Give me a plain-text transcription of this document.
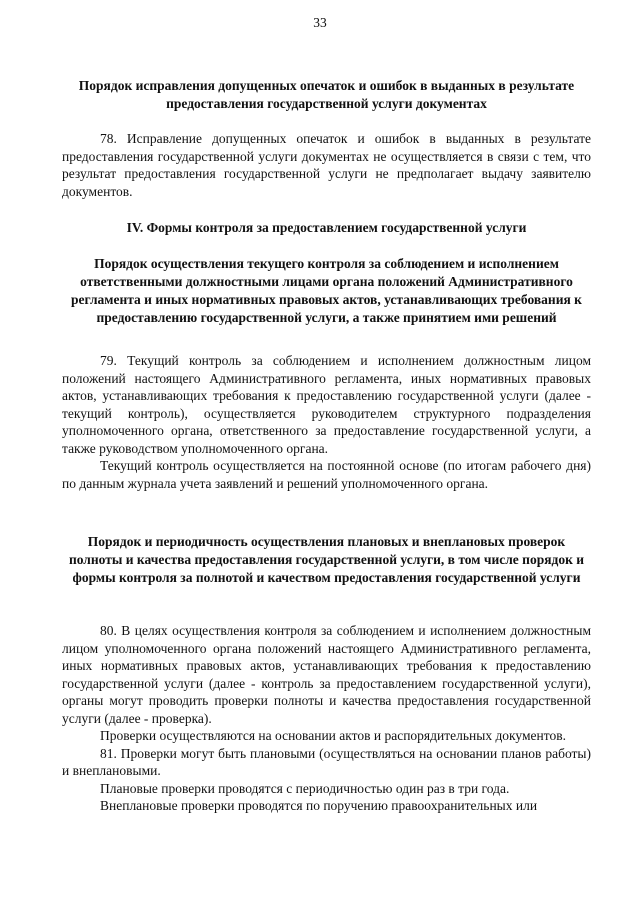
33

Порядок исправления допущенных опечаток и ошибок в выданных в результате предоставления государственной услуги документах

78. Исправление допущенных опечаток и ошибок в выданных в результате предоставления государственной услуги документах не осуществляется в связи с тем, что результат предоставления государственной услуги не предполагает выдачу заявителю документов.

IV. Формы контроля за предоставлением государственной услуги

Порядок осуществления текущего контроля за соблюдением и исполнением ответственными должностными лицами органа положений Административного регламента и иных нормативных правовых актов, устанавливающих требования к предоставлению государственной услуги, а также принятием ими решений

79. Текущий контроль за соблюдением и исполнением должностным лицом положений настоящего Административного регламента, иных нормативных правовых актов, устанавливающих требования к предоставлению государственной услуги (далее - текущий контроль), осуществляется руководителем структурного подразделения уполномоченного органа, ответственного за предоставление государственной услуги, а также руководством уполномоченного органа.

Текущий контроль осуществляется на постоянной основе (по итогам рабочего дня) по данным журнала учета заявлений и решений уполномоченного органа.

Порядок и периодичность осуществления плановых и внеплановых проверок полноты и качества предоставления государственной услуги, в том числе порядок и формы контроля за полнотой и качеством предоставления государственной услуги

80. В целях осуществления контроля за соблюдением и исполнением должностным лицом уполномоченного органа положений настоящего Административного регламента, иных нормативных правовых актов, устанавливающих требования к предоставлению государственной услуги (далее - контроль за предоставлением государственной услуги), органы могут проводить проверки полноты и качества предоставления государственной услуги (далее - проверка).

Проверки осуществляются на основании актов и распорядительных документов.

81. Проверки могут быть плановыми (осуществляться на основании планов работы) и внеплановыми.

Плановые проверки проводятся с периодичностью один раз в три года.

Внеплановые проверки проводятся по поручению правоохранительных или
